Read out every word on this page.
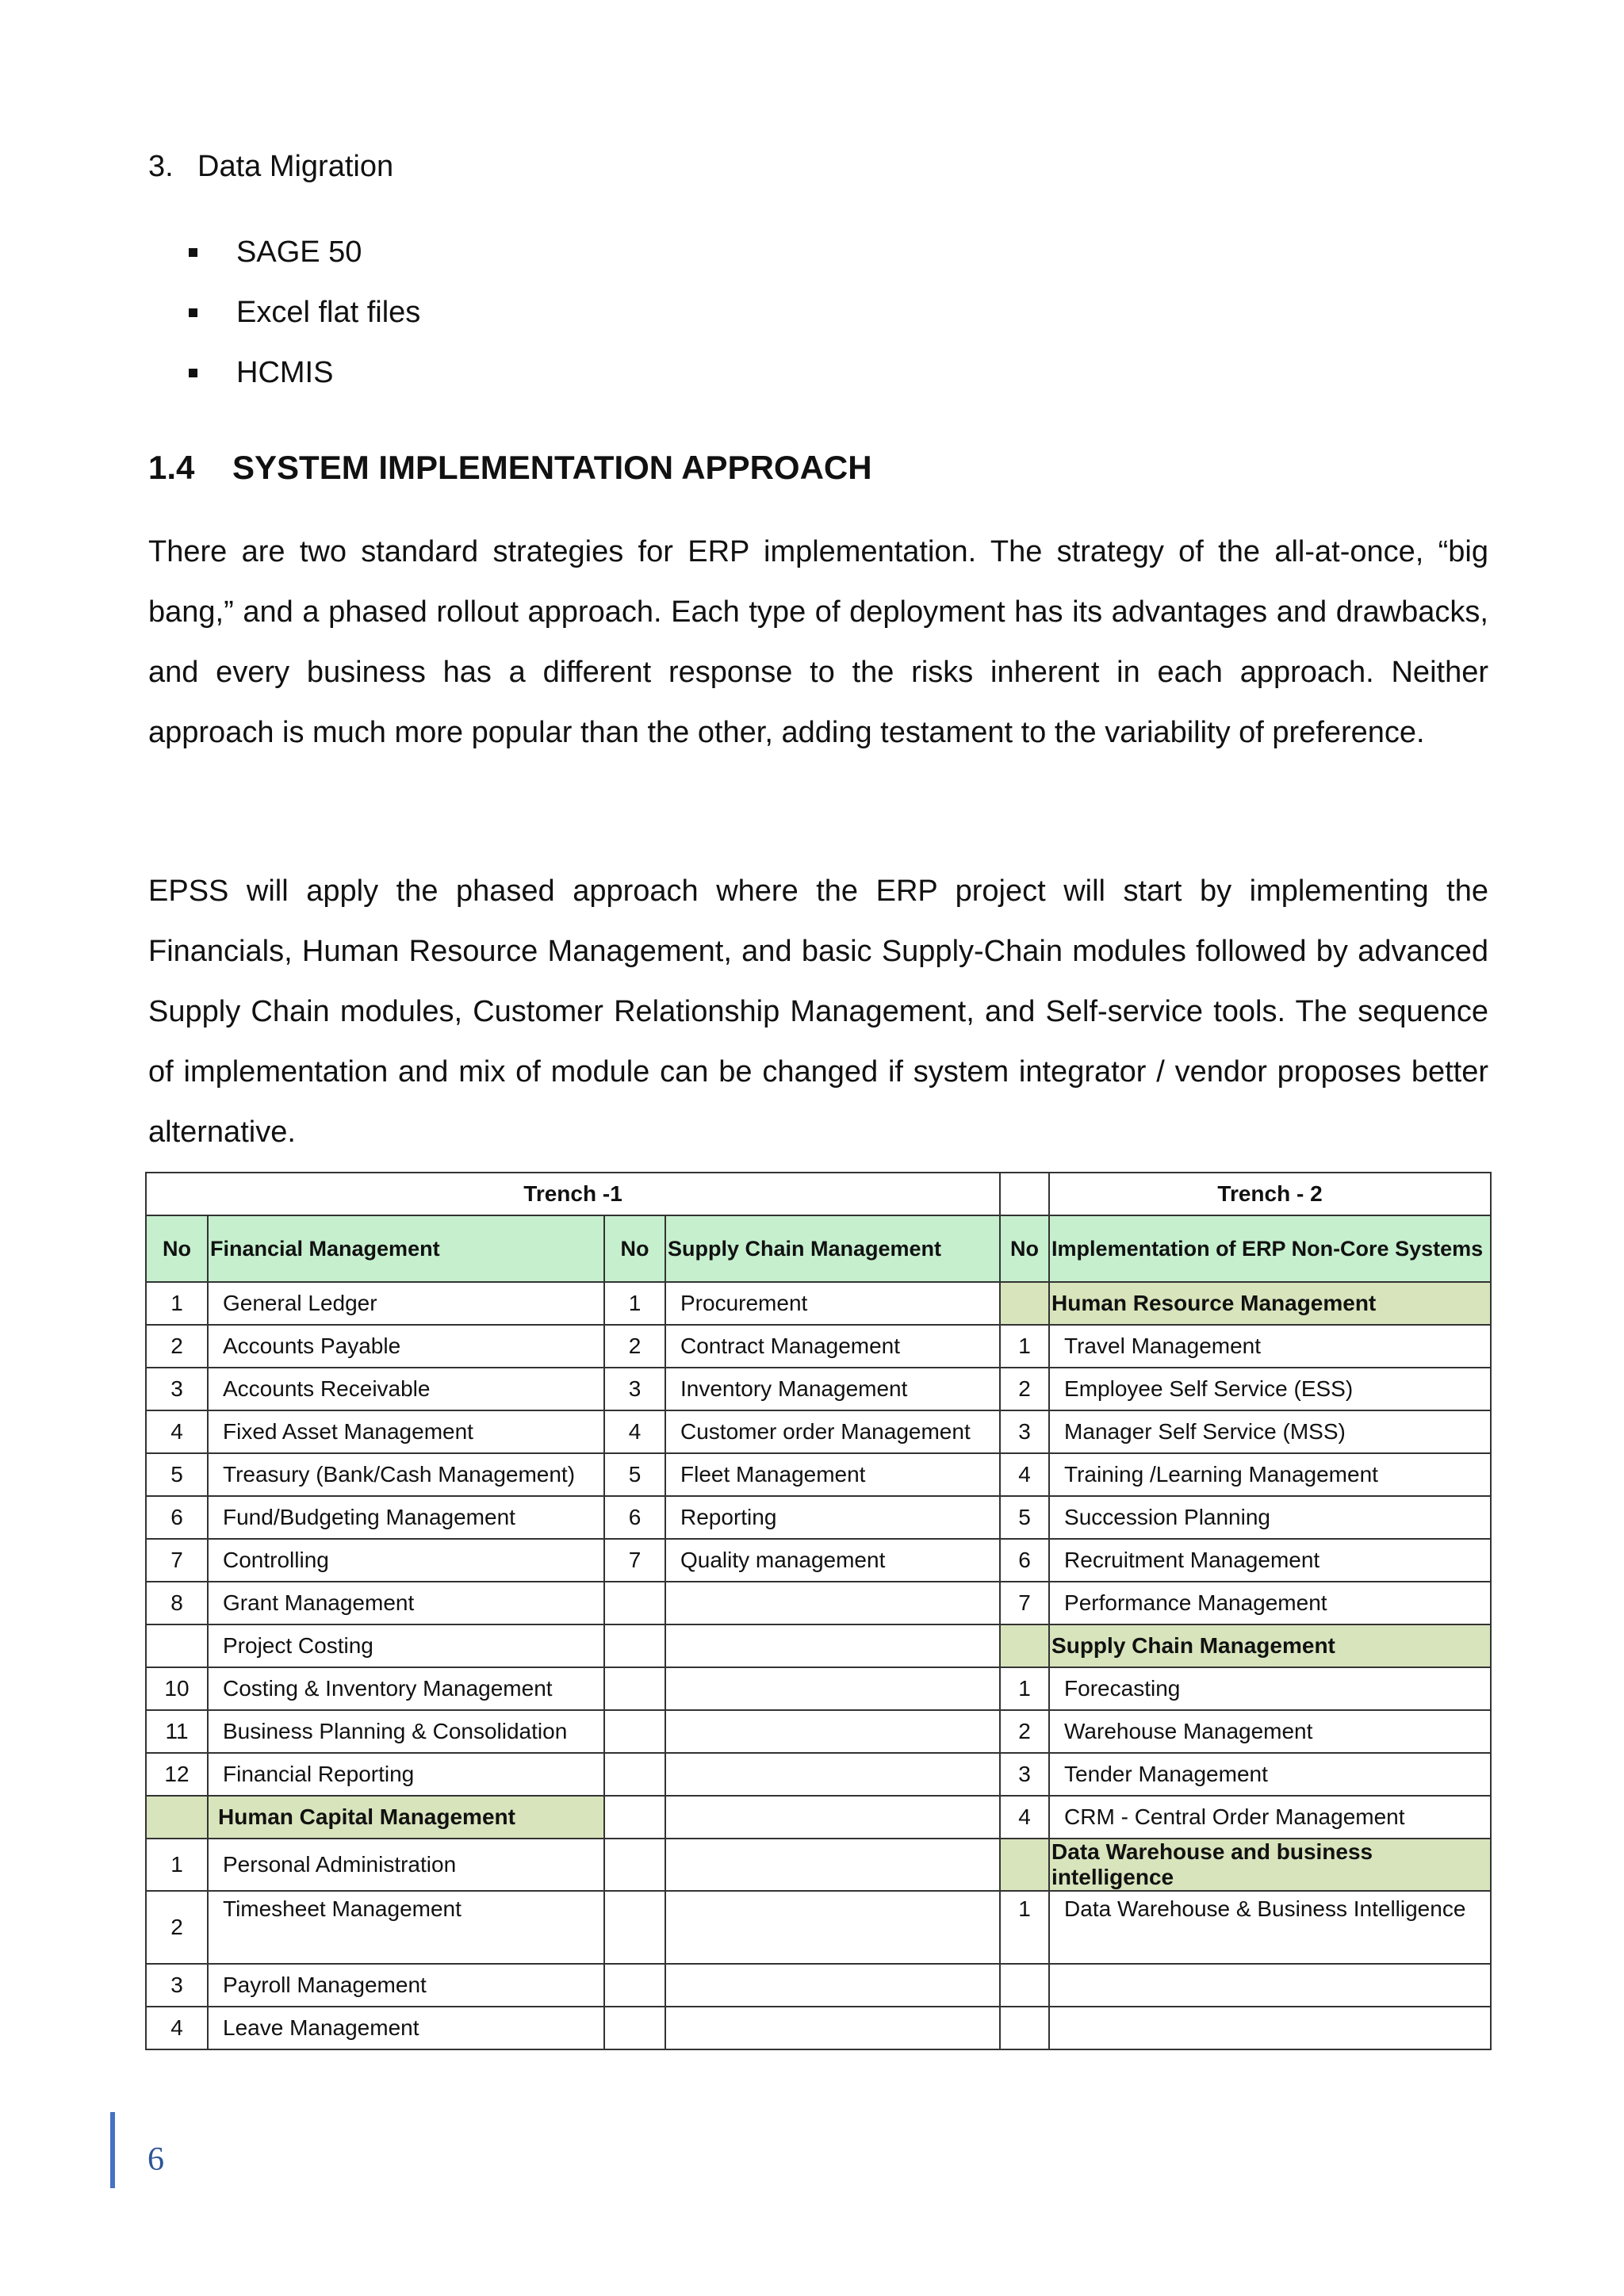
3. Data Migration
SAGE 50
Excel flat files
HCMIS
1.4 SYSTEM IMPLEMENTATION APPROACH

There are two standard strategies for ERP implementation. The strategy of the all-at-once, “big bang,” and a phased rollout approach. Each type of deployment has its advantages and drawbacks, and every business has a different response to the risks inherent in each approach. Neither approach is much more popular than the other, adding testament to the variability of preference.

EPSS will apply the phased approach where the ERP project will start by implementing the Financials, Human Resource Management, and basic Supply-Chain modules followed by advanced Supply Chain modules, Customer Relationship Management, and Self-service tools. The sequence of implementation and mix of module can be changed if system integrator / vendor proposes better alternative.

Trench -1					Trench - 2
No	Financial Management	No	Supply Chain Management	No	Implementation of ERP Non-Core Systems
1	General Ledger	1	Procurement		Human Resource Management
2	Accounts Payable	2	Contract Management	1	Travel Management
3	Accounts Receivable	3	Inventory Management	2	Employee Self Service (ESS)
4	Fixed Asset Management	4	Customer order Management	3	Manager Self Service (MSS)
5	Treasury (Bank/Cash Management)	5	Fleet Management	4	Training /Learning Management
6	Fund/Budgeting Management	6	Reporting	5	Succession Planning
7	Controlling	7	Quality management	6	Recruitment Management
8	Grant Management			7	Performance Management
	Project Costing				Supply Chain Management
10	Costing & Inventory Management			1	Forecasting
11	Business Planning & Consolidation			2	Warehouse Management
12	Financial Reporting			3	Tender Management
	Human Capital Management			4	CRM - Central Order Management
1	Personal Administration				Data Warehouse and business intelligence
2	Timesheet Management			1	Data Warehouse & Business Intelligence
3	Payroll Management				
4	Leave Management				
6
